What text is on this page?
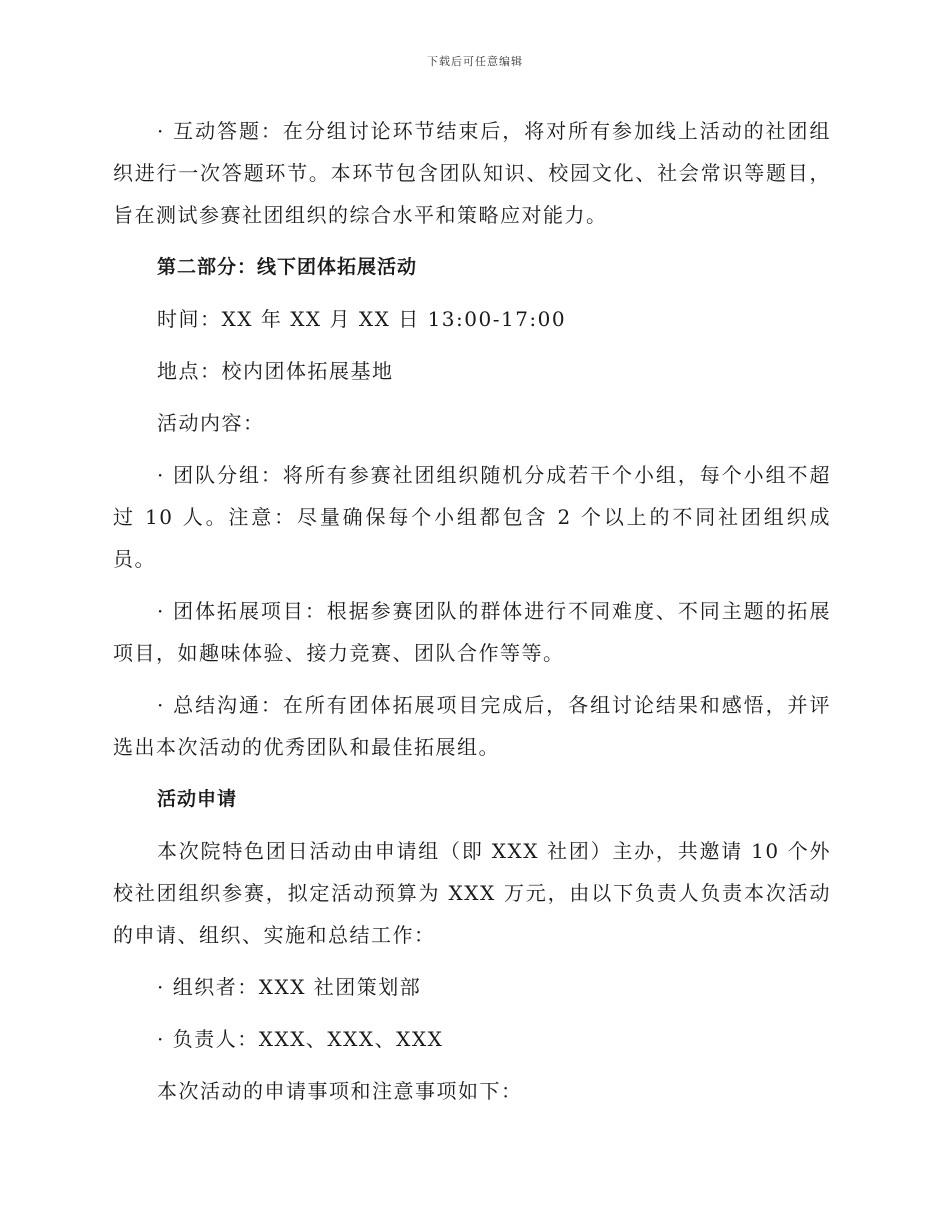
下载后可任意编辑

· 互动答题：在分组讨论环节结束后，将对所有参加线上活动的社团组织进行一次答题环节。本环节包含团队知识、校园文化、社会常识等题目，旨在测试参赛社团组织的综合水平和策略应对能力。

第二部分：线下团体拓展活动

时间：XX 年 XX 月 XX 日 13:00-17:00

地点：校内团体拓展基地

活动内容：

· 团队分组：将所有参赛社团组织随机分成若干个小组，每个小组不超过 10 人。注意：尽量确保每个小组都包含 2 个以上的不同社团组织成员。

· 团体拓展项目：根据参赛团队的群体进行不同难度、不同主题的拓展项目，如趣味体验、接力竞赛、团队合作等等。

· 总结沟通：在所有团体拓展项目完成后，各组讨论结果和感悟，并评选出本次活动的优秀团队和最佳拓展组。

活动申请

本次院特色团日活动由申请组（即 XXX 社团）主办，共邀请 10 个外校社团组织参赛，拟定活动预算为 XXX 万元，由以下负责人负责本次活动的申请、组织、实施和总结工作：

· 组织者：XXX 社团策划部

· 负责人：XXX、XXX、XXX

本次活动的申请事项和注意事项如下：
